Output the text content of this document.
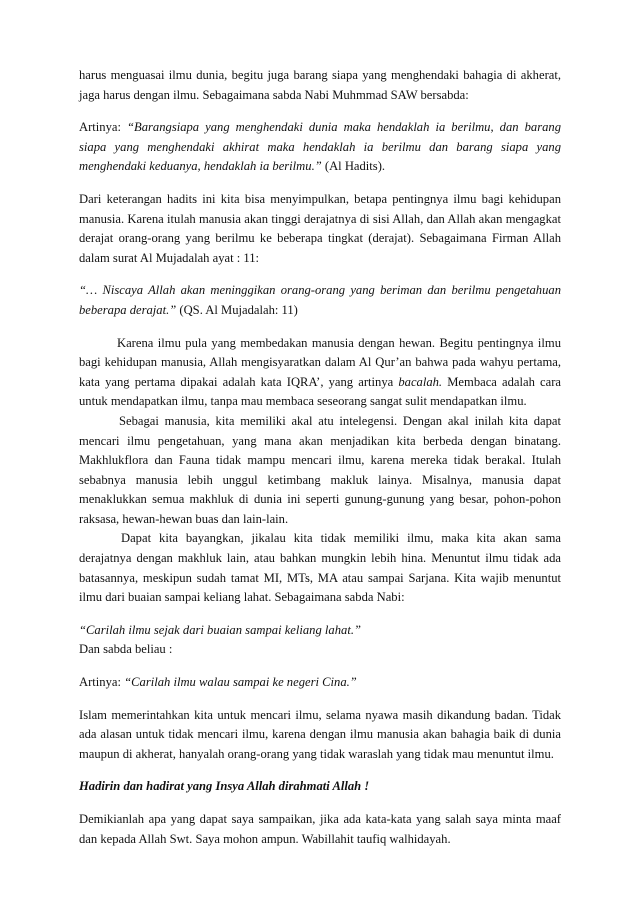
harus menguasai ilmu dunia, begitu juga barang siapa yang menghendaki bahagia di akherat, jaga harus dengan ilmu. Sebagaimana sabda Nabi Muhmmad SAW bersabda:

Artinya: “Barangsiapa yang menghendaki dunia maka hendaklah ia berilmu, dan barang siapa yang menghendaki akhirat maka hendaklah ia berilmu dan barang siapa yang menghendaki keduanya, hendaklah ia berilmu.” (Al Hadits).

Dari keterangan hadits ini kita bisa menyimpulkan, betapa pentingnya ilmu bagi kehidupan manusia. Karena itulah manusia akan tinggi derajatnya di sisi Allah, dan Allah akan mengagkat derajat orang-orang yang berilmu ke beberapa tingkat (derajat). Sebagaimana Firman Allah dalam surat Al Mujadalah ayat : 11:

“… Niscaya Allah akan meninggikan orang-orang yang beriman dan berilmu pengetahuan beberapa derajat.” (QS. Al Mujadalah: 11)

Karena ilmu pula yang membedakan manusia dengan hewan. Begitu pentingnya ilmu bagi kehidupan manusia, Allah mengisyaratkan dalam Al Qur’an bahwa pada wahyu pertama, kata yang pertama dipakai adalah kata IQRA’, yang artinya bacalah. Membaca adalah cara untuk mendapatkan ilmu, tanpa mau membaca seseorang sangat sulit mendapatkan ilmu.

Sebagai manusia, kita memiliki akal atu intelegensi. Dengan akal inilah kita dapat mencari ilmu pengetahuan, yang mana akan menjadikan kita berbeda dengan binatang. Makhlukflora dan Fauna tidak mampu mencari ilmu, karena mereka tidak berakal. Itulah sebabnya manusia lebih unggul ketimbang makluk lainya. Misalnya, manusia dapat menaklukkan semua makhluk di dunia ini seperti gunung-gunung yang besar, pohon-pohon raksasa, hewan-hewan buas dan lain-lain.

Dapat kita bayangkan, jikalau kita tidak memiliki ilmu, maka kita akan sama derajatnya dengan makhluk lain, atau bahkan mungkin lebih hina. Menuntut ilmu tidak ada batasannya, meskipun sudah tamat MI, MTs, MA atau sampai Sarjana. Kita wajib menuntut ilmu dari buaian sampai keliang lahat. Sebagaimana sabda Nabi:

“Carilah ilmu sejak dari buaian sampai keliang lahat.”
Dan sabda beliau :

Artinya: “Carilah ilmu walau sampai ke negeri Cina.”

Islam memerintahkan kita untuk mencari ilmu, selama nyawa masih dikandung badan. Tidak ada alasan untuk tidak mencari ilmu, karena dengan ilmu manusia akan bahagia baik di dunia maupun di akherat, hanyalah orang-orang yang tidak waraslah yang tidak mau menuntut ilmu.

Hadirin dan hadirat yang Insya Allah dirahmati Allah !

Demikianlah apa yang dapat saya sampaikan, jika ada kata-kata yang salah saya minta maaf dan kepada Allah Swt. Saya mohon ampun. Wabillahit taufiq walhidayah.
